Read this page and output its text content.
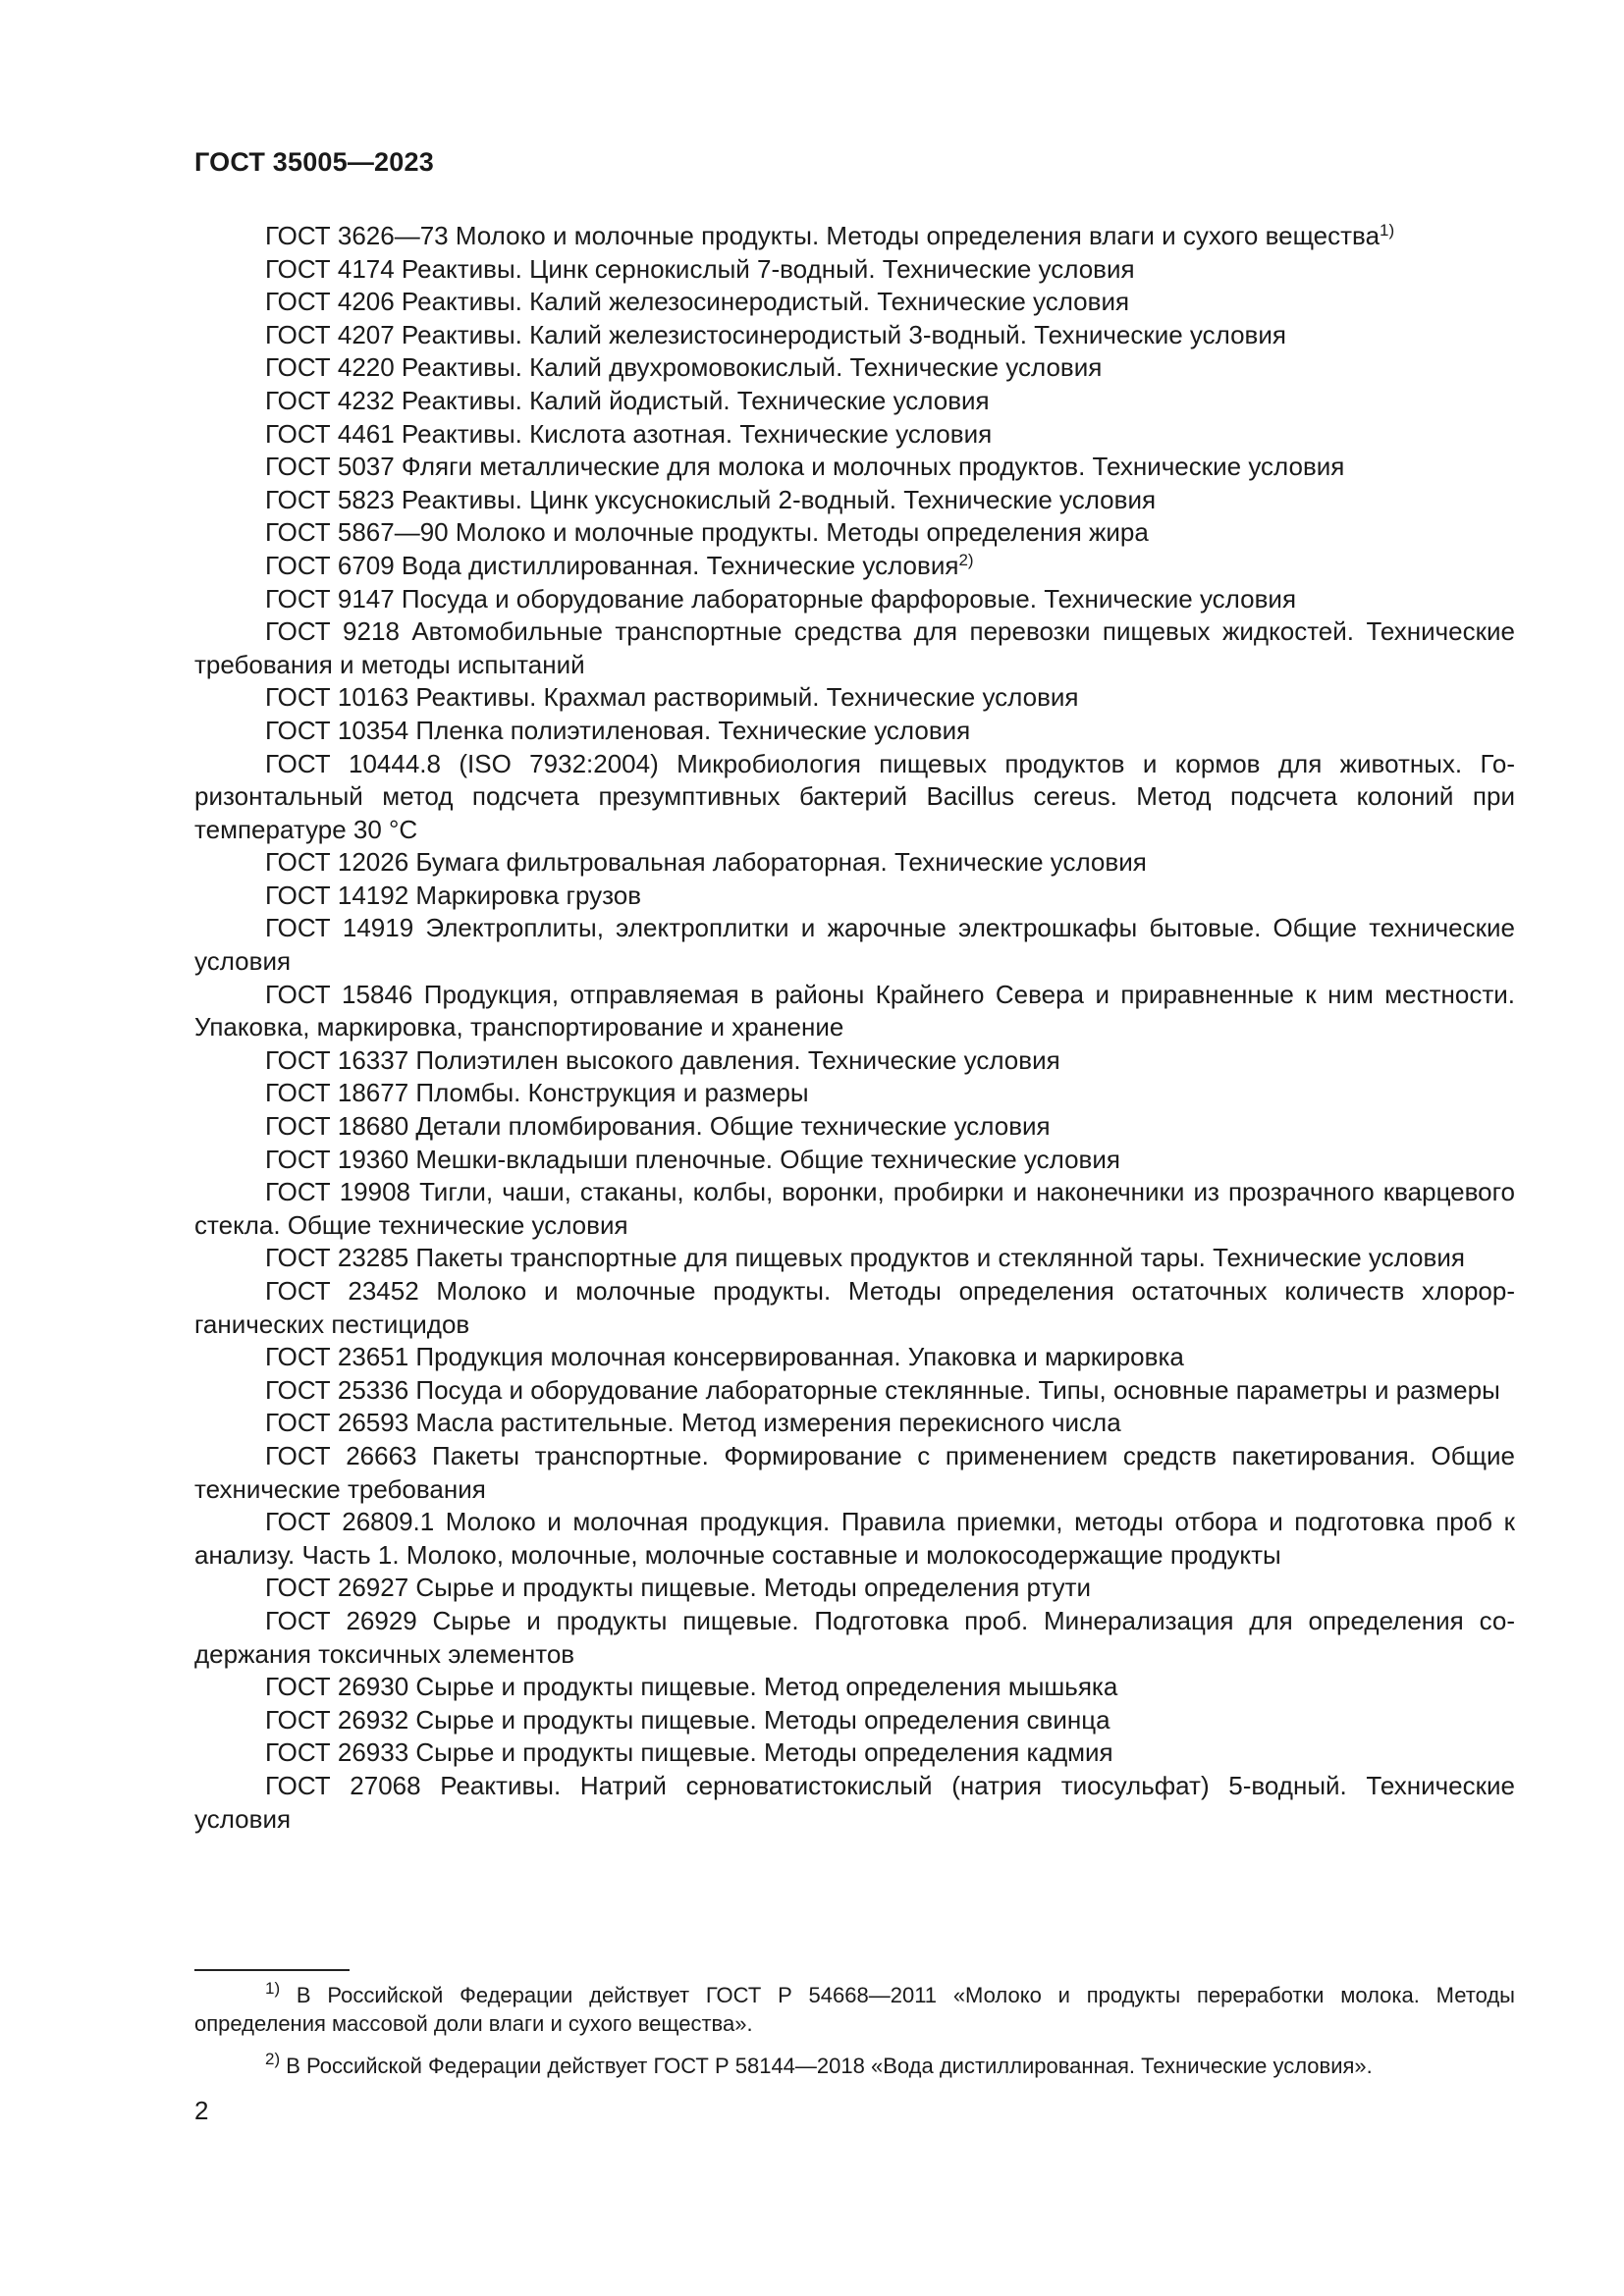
ГОСТ 35005—2023

ГОСТ 3626—73 Молоко и молочные продукты. Методы определения влаги и сухого вещества$^{1)}$

ГОСТ 4174 Реактивы. Цинк сернокислый 7-водный. Технические условия

ГОСТ 4206 Реактивы. Калий железосинеродистый. Технические условия

ГОСТ 4207 Реактивы. Калий железистосинеродистый 3-водный. Технические условия

ГОСТ 4220 Реактивы. Калий двухромовокислый. Технические условия

ГОСТ 4232 Реактивы. Калий йодистый. Технические условия

ГОСТ 4461 Реактивы. Кислота азотная. Технические условия

ГОСТ 5037 Фляги металлические для молока и молочных продуктов. Технические условия

ГОСТ 5823 Реактивы. Цинк уксуснокислый 2-водный. Технические условия

ГОСТ 5867—90 Молоко и молочные продукты. Методы определения жира

ГОСТ 6709 Вода дистиллированная. Технические условия$^{2)}$

ГОСТ 9147 Посуда и оборудование лабораторные фарфоровые. Технические условия

ГОСТ 9218 Автомобильные транспортные средства для перевозки пищевых жидкостей. Технические требования и методы испытаний

ГОСТ 10163 Реактивы. Крахмал растворимый. Технические условия

ГОСТ 10354 Пленка полиэтиленовая. Технические условия

ГОСТ 10444.8 (ISO 7932:2004) Микробиология пищевых продуктов и кормов для животных. Горизонтальный метод подсчета презумптивных бактерий Bacillus cereus. Метод подсчета колоний при температуре 30 °С

ГОСТ 12026 Бумага фильтровальная лабораторная. Технические условия

ГОСТ 14192 Маркировка грузов

ГОСТ 14919 Электроплиты, электроплитки и жарочные электрошкафы бытовые. Общие технические условия

ГОСТ 15846 Продукция, отправляемая в районы Крайнего Севера и приравненные к ним местности. Упаковка, маркировка, транспортирование и хранение

ГОСТ 16337 Полиэтилен высокого давления. Технические условия

ГОСТ 18677 Пломбы. Конструкция и размеры

ГОСТ 18680 Детали пломбирования. Общие технические условия

ГОСТ 19360 Мешки-вкладыши пленочные. Общие технические условия

ГОСТ 19908 Тигли, чаши, стаканы, колбы, воронки, пробирки и наконечники из прозрачного кварцевого стекла. Общие технические условия

ГОСТ 23285 Пакеты транспортные для пищевых продуктов и стеклянной тары. Технические условия

ГОСТ 23452 Молоко и молочные продукты. Методы определения остаточных количеств хлорорганических пестицидов

ГОСТ 23651 Продукция молочная консервированная. Упаковка и маркировка

ГОСТ 25336 Посуда и оборудование лабораторные стеклянные. Типы, основные параметры и размеры

ГОСТ 26593 Масла растительные. Метод измерения перекисного числа

ГОСТ 26663 Пакеты транспортные. Формирование с применением средств пакетирования. Общие технические требования

ГОСТ 26809.1 Молоко и молочная продукция. Правила приемки, методы отбора и подготовка проб к анализу. Часть 1. Молоко, молочные, молочные составные и молокосодержащие продукты

ГОСТ 26927 Сырье и продукты пищевые. Методы определения ртути

ГОСТ 26929 Сырье и продукты пищевые. Подготовка проб. Минерализация для определения содержания токсичных элементов

ГОСТ 26930 Сырье и продукты пищевые. Метод определения мышьяка

ГОСТ 26932 Сырье и продукты пищевые. Методы определения свинца

ГОСТ 26933 Сырье и продукты пищевые. Методы определения кадмия

ГОСТ 27068 Реактивы. Натрий серноватистокислый (натрия тиосульфат) 5-водный. Технические условия

$^{1)}$ В Российской Федерации действует ГОСТ Р 54668—2011 «Молоко и продукты переработки молока. Методы определения массовой доли влаги и сухого вещества».

$^{2)}$ В Российской Федерации действует ГОСТ Р 58144—2018 «Вода дистиллированная. Технические условия».

2
